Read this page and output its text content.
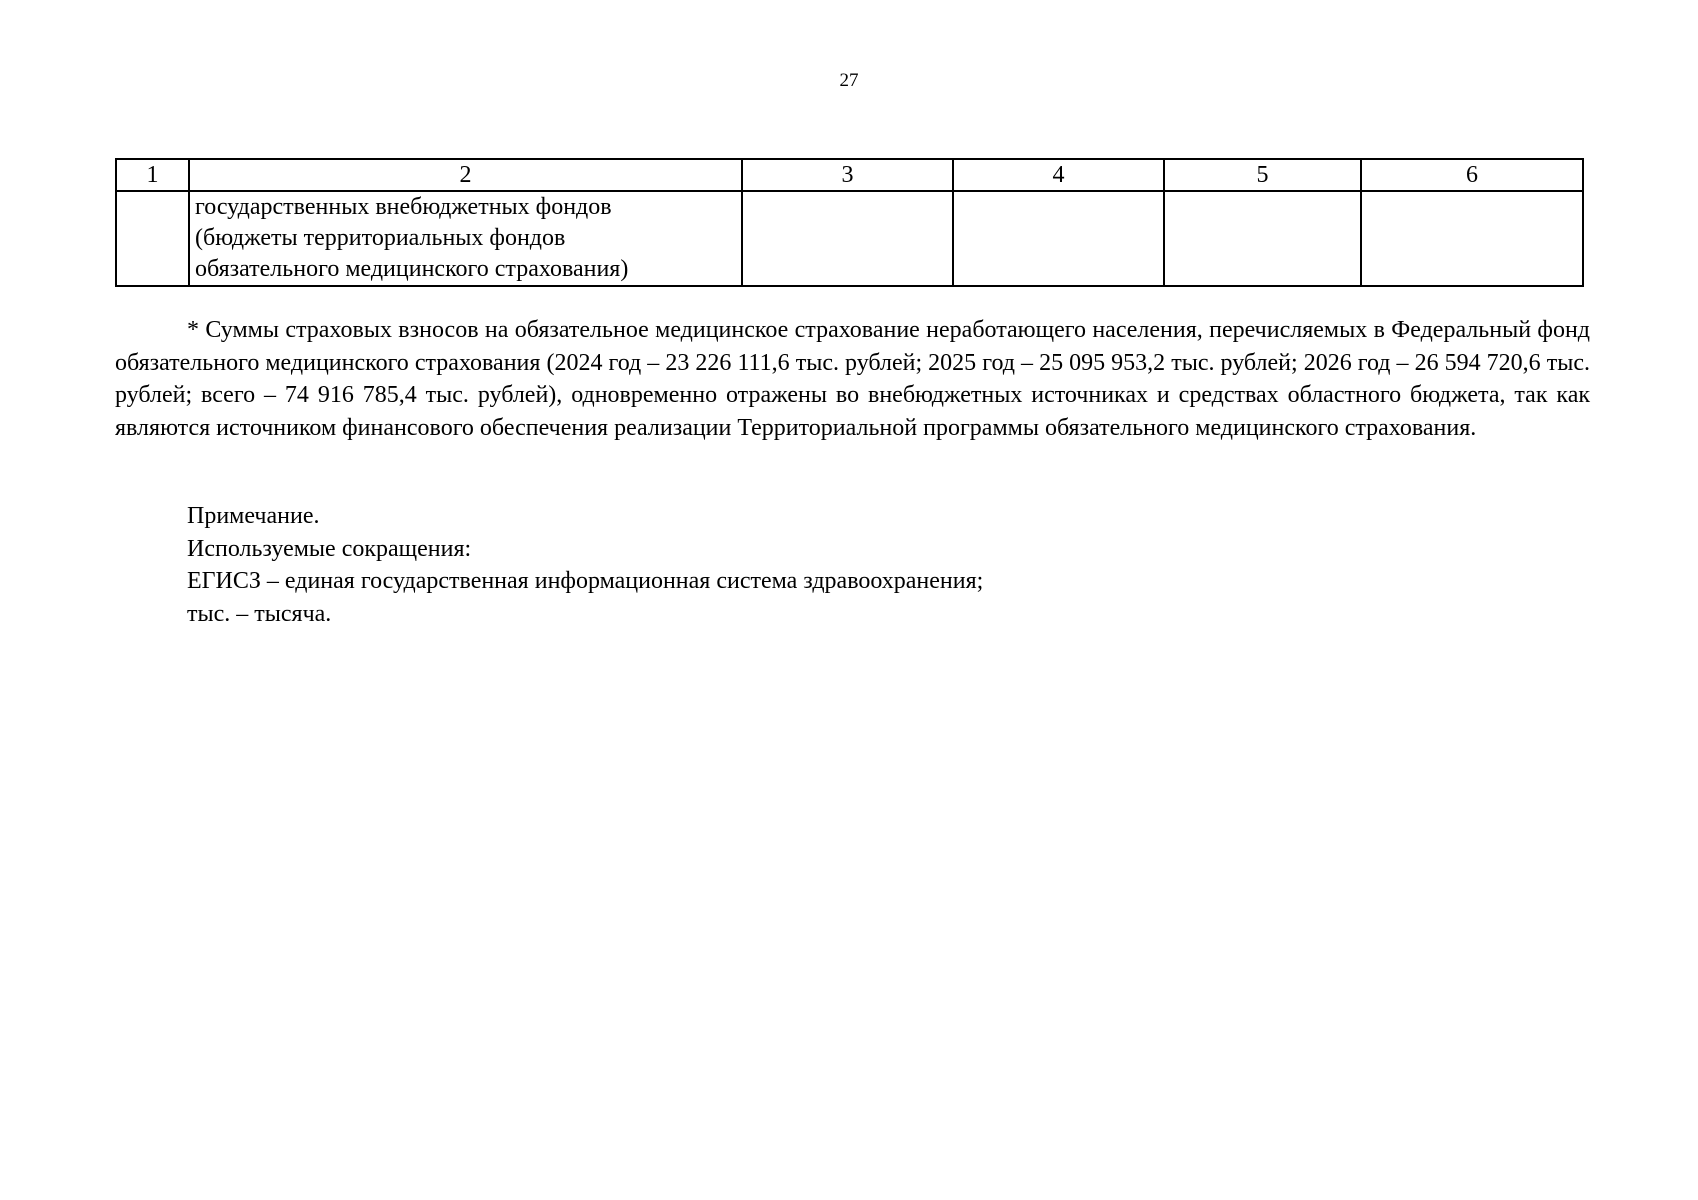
27
1	2	3	4	5	6

	государственных внебюджетных фондов
(бюджеты территориальных фондов
обязательного медицинского страхования)				

* Суммы страховых взносов на обязательное медицинское страхование неработающего населения, перечисляемых в Федеральный фонд обязательного медицинского страхования (2024 год – 23 226 111,6 тыс. рублей; 2025 год – 25 095 953,2 тыс. рублей; 2026 год – 26 594 720,6 тыс. рублей; всего – 74 916 785,4 тыс. рублей), одновременно отражены во внебюджетных источниках и средствах областного бюджета, так как являются источником финансового обеспечения реализации Территориальной программы обязательного медицинского страхования.

Примечание.
Используемые сокращения:
ЕГИСЗ – единая государственная информационная система здравоохранения;
тыс. – тысяча.
